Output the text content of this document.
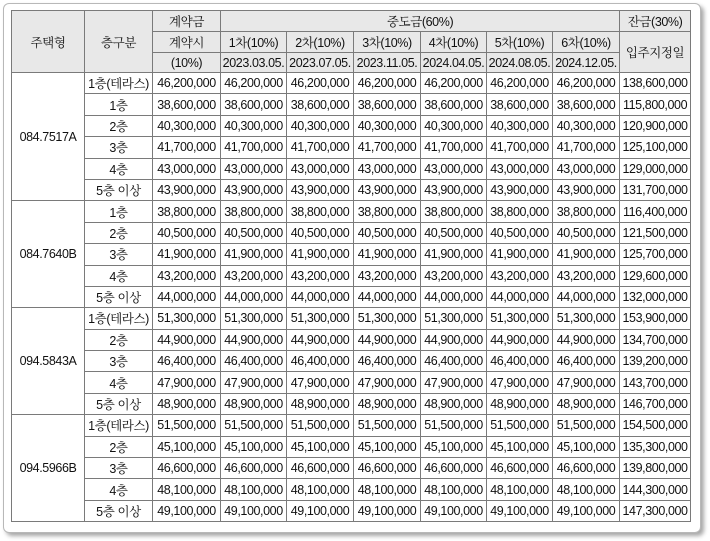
주택형	층구분	계약금	중도금(60%)						잔금(30%)
		계약시	1차(10%)	2차(10%)	3차(10%)	4차(10%)	5차(10%)	6차(10%)	입주지정일
		(10%)	2023.03.05.	2023.07.05.	2023.11.05.	2024.04.05.	2024.08.05.	2024.12.05.	
084.7517A	1층(테라스)	46,200,000	46,200,000	46,200,000	46,200,000	46,200,000	46,200,000	46,200,000	138,600,000
	1층	38,600,000	38,600,000	38,600,000	38,600,000	38,600,000	38,600,000	38,600,000	115,800,000
	2층	40,300,000	40,300,000	40,300,000	40,300,000	40,300,000	40,300,000	40,300,000	120,900,000
	3층	41,700,000	41,700,000	41,700,000	41,700,000	41,700,000	41,700,000	41,700,000	125,100,000
	4층	43,000,000	43,000,000	43,000,000	43,000,000	43,000,000	43,000,000	43,000,000	129,000,000
	5층 이상	43,900,000	43,900,000	43,900,000	43,900,000	43,900,000	43,900,000	43,900,000	131,700,000
084.7640B	1층	38,800,000	38,800,000	38,800,000	38,800,000	38,800,000	38,800,000	38,800,000	116,400,000
	2층	40,500,000	40,500,000	40,500,000	40,500,000	40,500,000	40,500,000	40,500,000	121,500,000
	3층	41,900,000	41,900,000	41,900,000	41,900,000	41,900,000	41,900,000	41,900,000	125,700,000
	4층	43,200,000	43,200,000	43,200,000	43,200,000	43,200,000	43,200,000	43,200,000	129,600,000
	5층 이상	44,000,000	44,000,000	44,000,000	44,000,000	44,000,000	44,000,000	44,000,000	132,000,000
094.5843A	1층(테라스)	51,300,000	51,300,000	51,300,000	51,300,000	51,300,000	51,300,000	51,300,000	153,900,000
	2층	44,900,000	44,900,000	44,900,000	44,900,000	44,900,000	44,900,000	44,900,000	134,700,000
	3층	46,400,000	46,400,000	46,400,000	46,400,000	46,400,000	46,400,000	46,400,000	139,200,000
	4층	47,900,000	47,900,000	47,900,000	47,900,000	47,900,000	47,900,000	47,900,000	143,700,000
	5층 이상	48,900,000	48,900,000	48,900,000	48,900,000	48,900,000	48,900,000	48,900,000	146,700,000
094.5966B	1층(테라스)	51,500,000	51,500,000	51,500,000	51,500,000	51,500,000	51,500,000	51,500,000	154,500,000
	2층	45,100,000	45,100,000	45,100,000	45,100,000	45,100,000	45,100,000	45,100,000	135,300,000
	3층	46,600,000	46,600,000	46,600,000	46,600,000	46,600,000	46,600,000	46,600,000	139,800,000
	4층	48,100,000	48,100,000	48,100,000	48,100,000	48,100,000	48,100,000	48,100,000	144,300,000
	5층 이상	49,100,000	49,100,000	49,100,000	49,100,000	49,100,000	49,100,000	49,100,000	147,300,000
